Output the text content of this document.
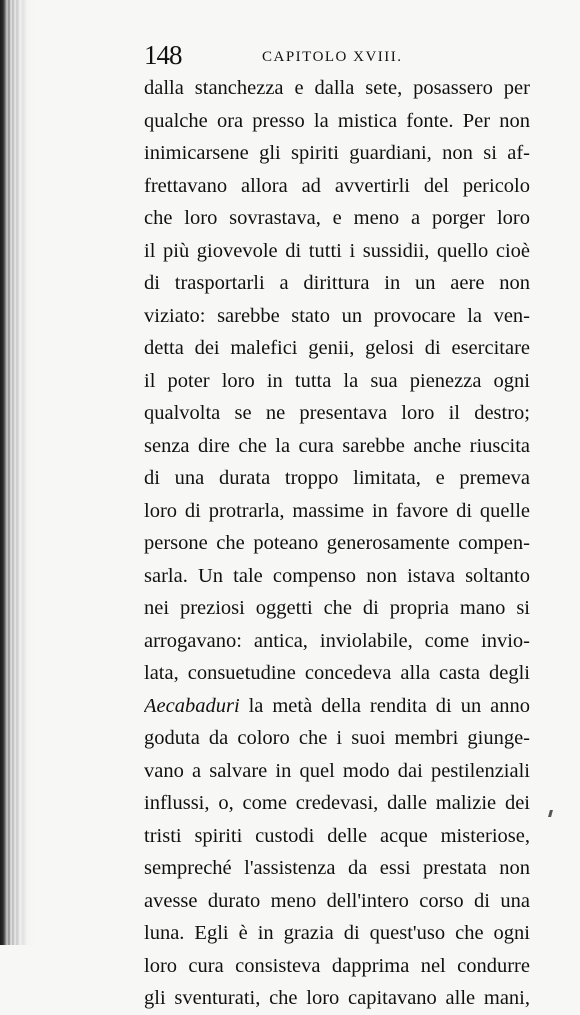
148	CAPITOLO XVIII.
dalla stanchezza e dalla sete, posassero per
qualche ora presso la mistica fonte. Per non
inimicarsene gli spiriti guardiani, non si af-
frettavano allora ad avvertirli del pericolo
che loro sovrastava, e meno a porger loro
il più giovevole di tutti i sussidii, quello cioè
di trasportarli a dirittura in un aere non
viziato: sarebbe stato un provocare la ven-
detta dei malefici genii, gelosi di esercitare
il poter loro in tutta la sua pienezza ogni
qualvolta se ne presentava loro il destro;
senza dire che la cura sarebbe anche riuscita
di una durata troppo limitata, e premeva
loro di protrarla, massime in favore di quelle
persone che poteano generosamente compen-
sarla. Un tale compenso non istava soltanto
nei preziosi oggetti che di propria mano si
arrogavano: antica, inviolabile, come invio-
lata, consuetudine concedeva alla casta degli
Aecabaduri la metà della rendita di un anno
goduta da coloro che i suoi membri giunge-
vano a salvare in quel modo dai pestilenziali
influssi, o, come credevasi, dalle malizie dei
tristi spiriti custodi delle acque misteriose,
sempreché l'assistenza da essi prestata non
avesse durato meno dell'intero corso di una
luna. Egli è in grazia di quest'uso che ogni
loro cura consisteva dapprima nel condurre
gli sventurati, che loro capitavano alle mani,
